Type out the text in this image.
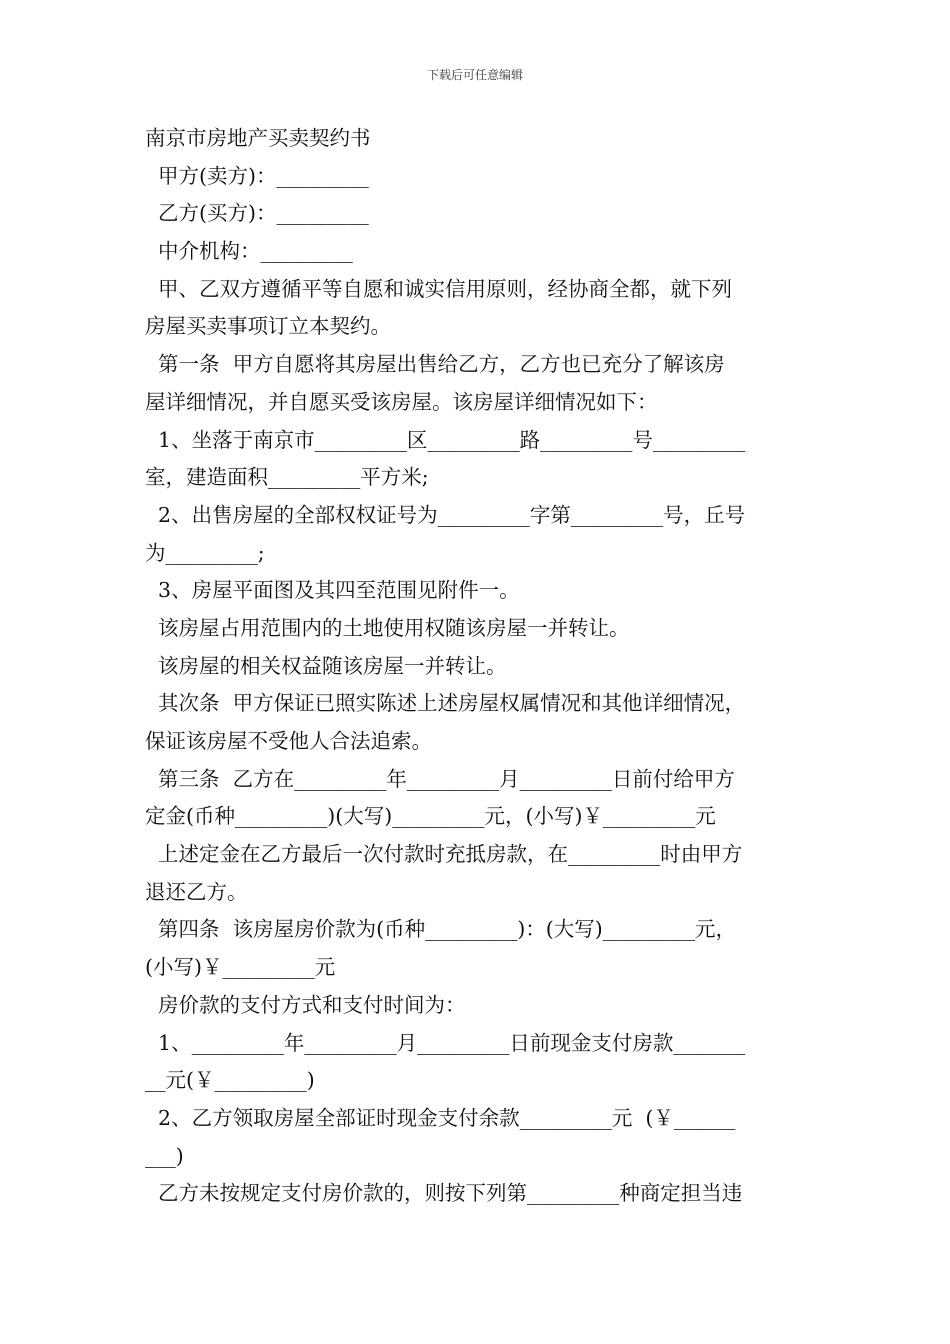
下载后可任意编辑
南京市房地产买卖契约书
甲方(卖方)：_________
乙方(买方)：_________
中介机构：_________
甲、乙双方遵循平等自愿和诚实信用原则，经协商全都，就下列
房屋买卖事项订立本契约。
第一条  甲方自愿将其房屋出售给乙方，乙方也已充分了解该房
屋详细情况，并自愿买受该房屋。该房屋详细情况如下：
1、坐落于南京市_________区_________路_________号_________
室，建造面积_________平方米;
2、出售房屋的全部权权证号为_________字第_________号，丘号
为_________;
3、房屋平面图及其四至范围见附件一。
该房屋占用范围内的土地使用权随该房屋一并转让。
该房屋的相关权益随该房屋一并转让。
其次条  甲方保证已照实陈述上述房屋权属情况和其他详细情况，
保证该房屋不受他人合法追索。
第三条  乙方在_________年_________月_________日前付给甲方
定金(币种_________)(大写)_________元，(小写)￥_________元
上述定金在乙方最后一次付款时充抵房款，在_________时由甲方
退还乙方。
第四条  该房屋房价款为(币种_________)：(大写)_________元，
(小写)￥_________元
房价款的支付方式和支付时间为：
1、_________年_________月_________日前现金支付房款_______
__元(￥_________)
2、乙方领取房屋全部证时现金支付余款_________元  (￥______
___)
乙方未按规定支付房价款的，则按下列第_________种商定担当违
